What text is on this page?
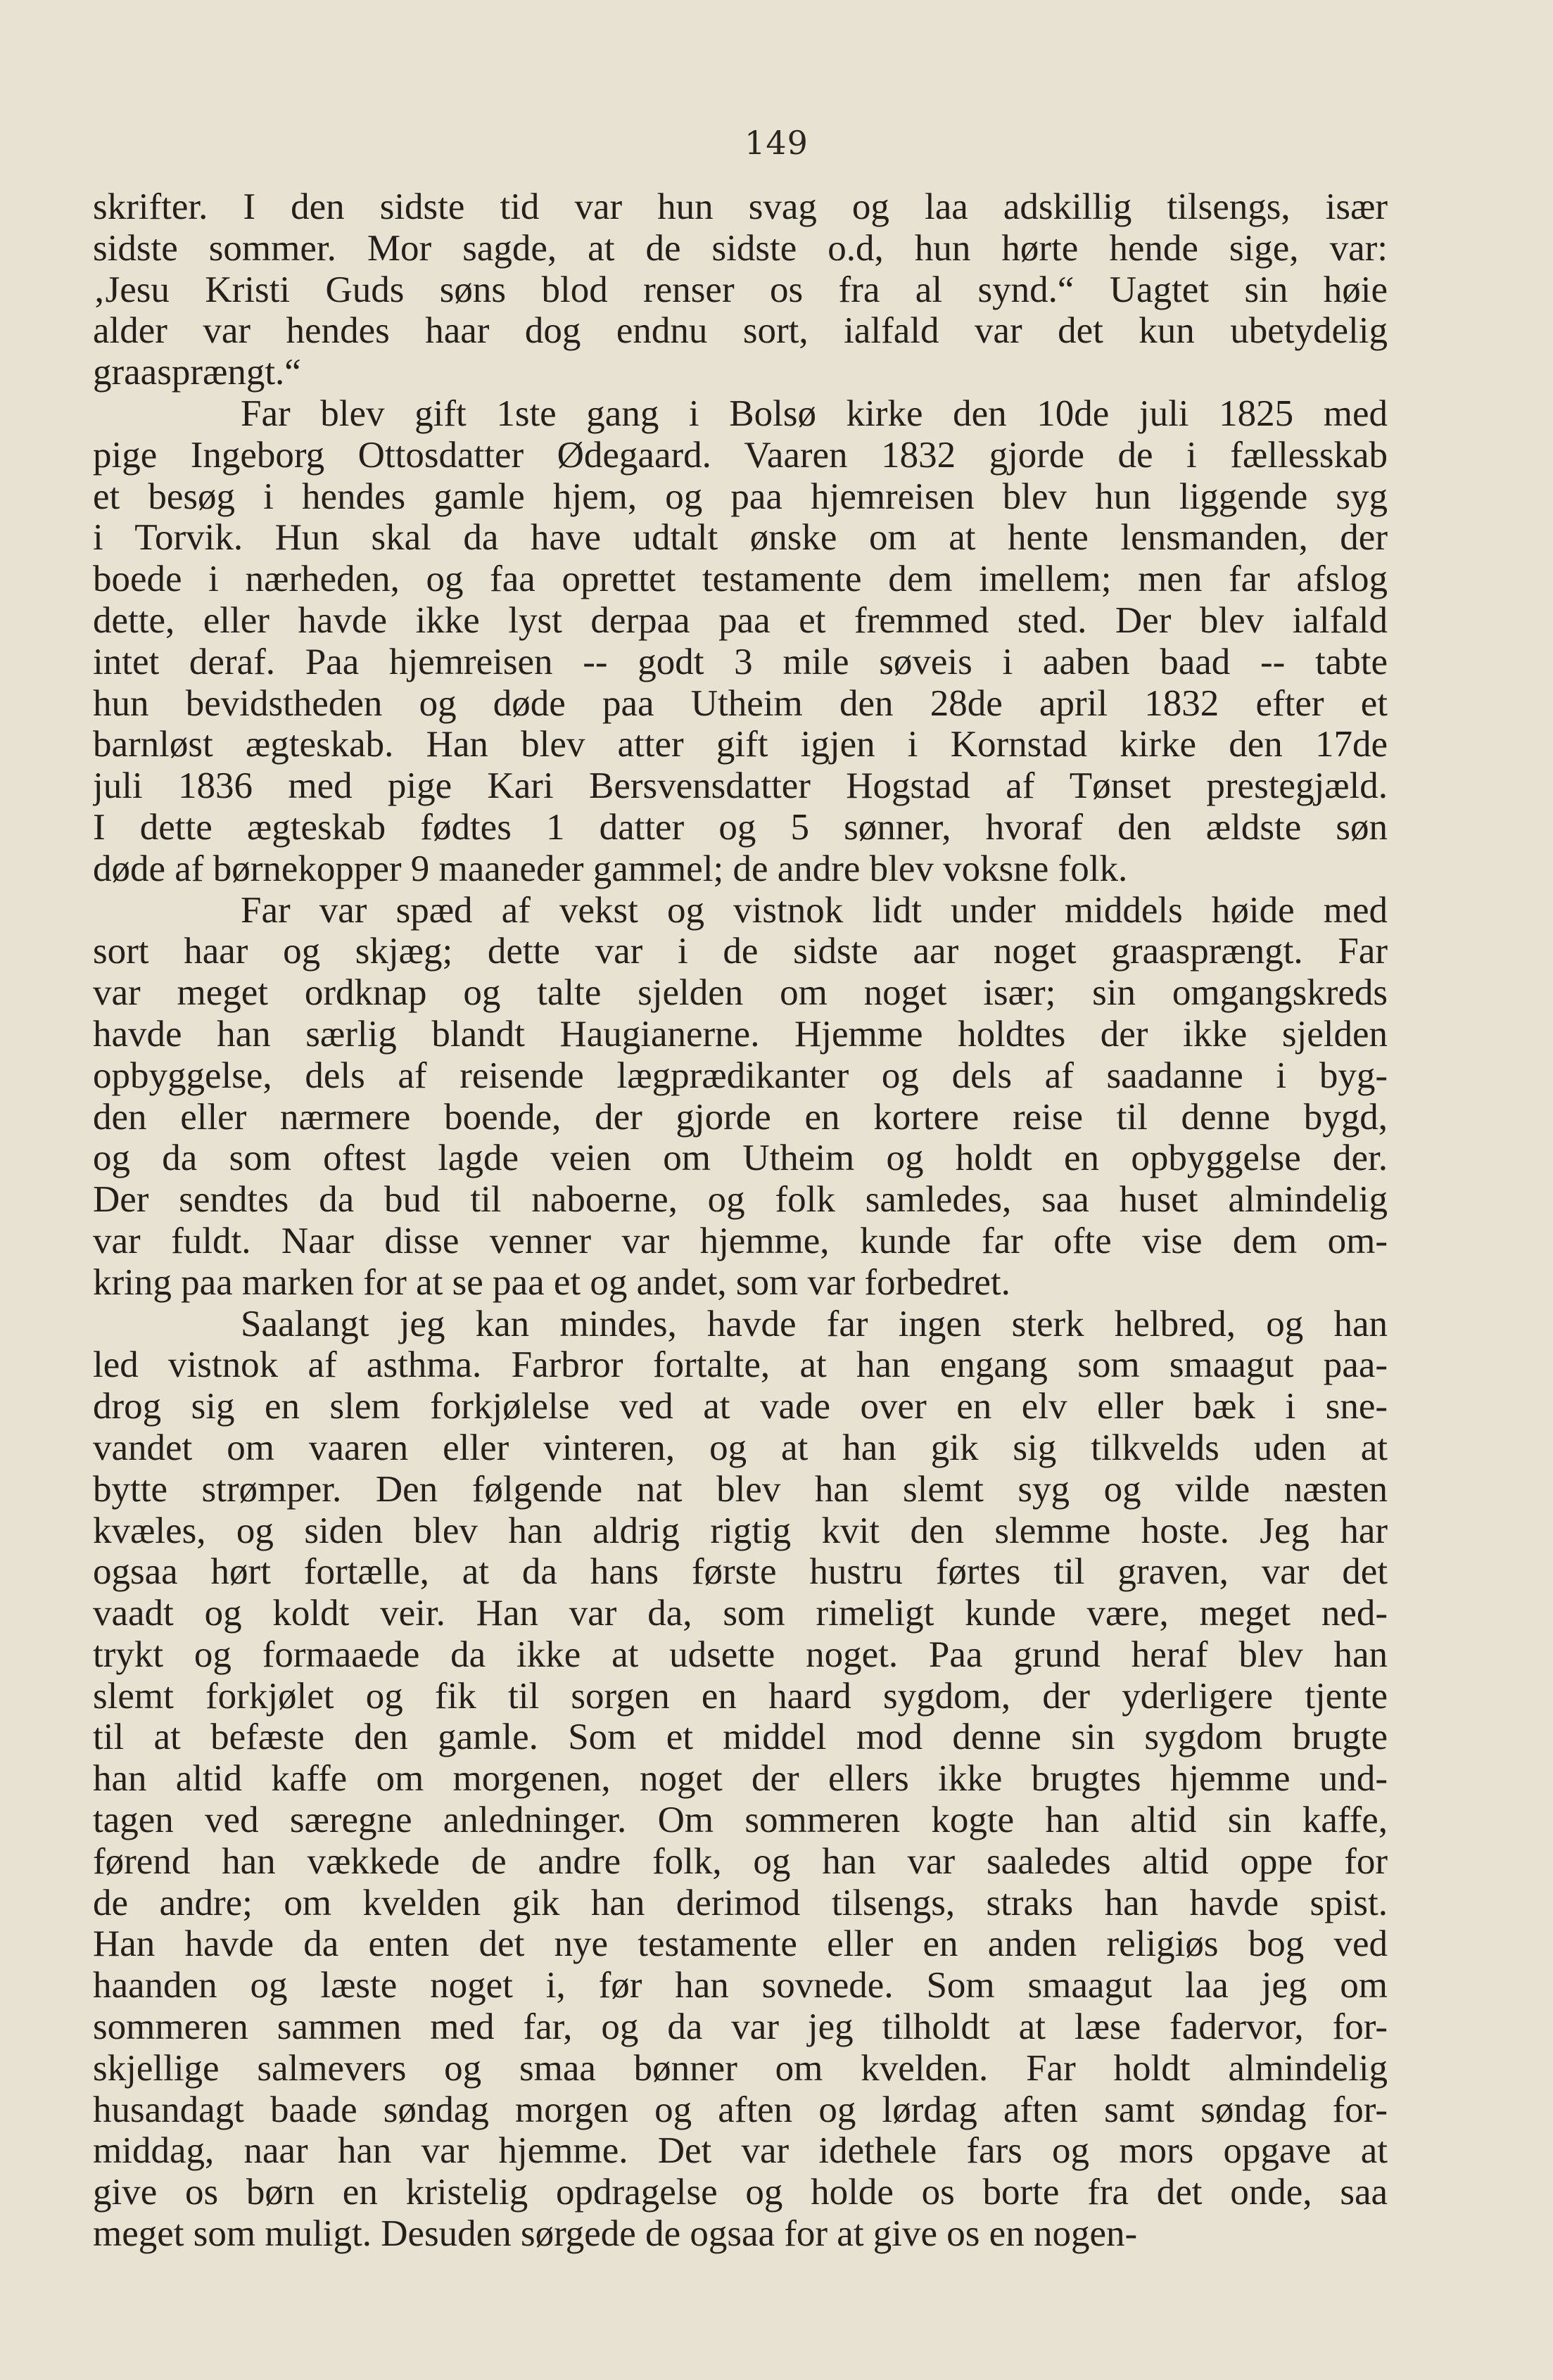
149
skrifter. I den sidste tid var hun svag og laa adskillig tilsengs, især
sidste sommer. Mor sagde, at de sidste o.d, hun hørte hende sige, var:
‚Jesu Kristi Guds søns blod renser os fra al synd.“ Uagtet sin høie
alder var hendes haar dog endnu sort, ialfald var det kun ubetydelig
graasprængt.“
Far blev gift 1ste gang i Bolsø kirke den 10de juli 1825 med
pige Ingeborg Ottosdatter Ødegaard. Vaaren 1832 gjorde de i fællesskab
et besøg i hendes gamle hjem, og paa hjemreisen blev hun liggende syg
i Torvik. Hun skal da have udtalt ønske om at hente lensmanden, der
boede i nærheden, og faa oprettet testamente dem imellem; men far afslog
dette, eller havde ikke lyst derpaa paa et fremmed sted. Der blev ialfald
intet deraf. Paa hjemreisen -- godt 3 mile søveis i aaben baad -- tabte
hun bevidstheden og døde paa Utheim den 28de april 1832 efter et
barnløst ægteskab. Han blev atter gift igjen i Kornstad kirke den 17de
juli 1836 med pige Kari Bersvensdatter Hogstad af Tønset prestegjæld.
I dette ægteskab fødtes 1 datter og 5 sønner, hvoraf den ældste søn
døde af børnekopper 9 maaneder gammel; de andre blev voksne folk.
Far var spæd af vekst og vistnok lidt under middels høide med
sort haar og skjæg; dette var i de sidste aar noget graasprængt. Far
var meget ordknap og talte sjelden om noget især; sin omgangskreds
havde han særlig blandt Haugianerne. Hjemme holdtes der ikke sjelden
opbyggelse, dels af reisende lægprædikanter og dels af saadanne i byg-
den eller nærmere boende, der gjorde en kortere reise til denne bygd,
og da som oftest lagde veien om Utheim og holdt en opbyggelse der.
Der sendtes da bud til naboerne, og folk samledes, saa huset almindelig
var fuldt. Naar disse venner var hjemme, kunde far ofte vise dem om-
kring paa marken for at se paa et og andet, som var forbedret.
Saalangt jeg kan mindes, havde far ingen sterk helbred, og han
led vistnok af asthma. Farbror fortalte, at han engang som smaagut paa-
drog sig en slem forkjølelse ved at vade over en elv eller bæk i sne-
vandet om vaaren eller vinteren, og at han gik sig tilkvelds uden at
bytte strømper. Den følgende nat blev han slemt syg og vilde næsten
kvæles, og siden blev han aldrig rigtig kvit den slemme hoste. Jeg har
ogsaa hørt fortælle, at da hans første hustru førtes til graven, var det
vaadt og koldt veir. Han var da, som rimeligt kunde være, meget ned-
trykt og formaaede da ikke at udsette noget. Paa grund heraf blev han
slemt forkjølet og fik til sorgen en haard sygdom, der yderligere tjente
til at befæste den gamle. Som et middel mod denne sin sygdom brugte
han altid kaffe om morgenen, noget der ellers ikke brugtes hjemme und-
tagen ved særegne anledninger. Om sommeren kogte han altid sin kaffe,
førend han vækkede de andre folk, og han var saaledes altid oppe for
de andre; om kvelden gik han derimod tilsengs, straks han havde spist.
Han havde da enten det nye testamente eller en anden religiøs bog ved
haanden og læste noget i, før han sovnede. Som smaagut laa jeg om
sommeren sammen med far, og da var jeg tilholdt at læse fadervor, for-
skjellige salmevers og smaa bønner om kvelden. Far holdt almindelig
husandagt baade søndag morgen og aften og lørdag aften samt søndag for-
middag, naar han var hjemme. Det var idethele fars og mors opgave at
give os børn en kristelig opdragelse og holde os borte fra det onde, saa
meget som muligt. Desuden sørgede de ogsaa for at give os en nogen-
